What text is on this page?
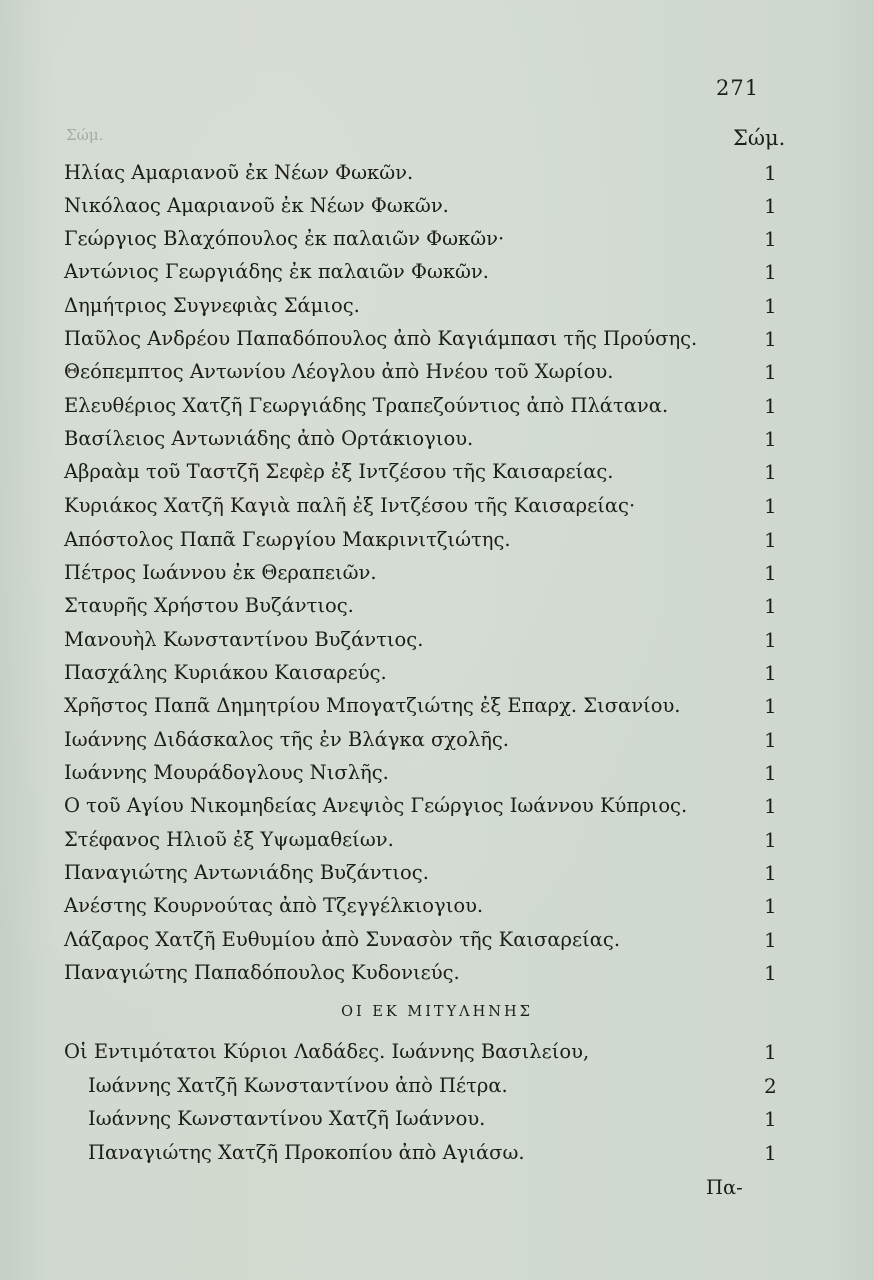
271
Σώμ.
Σώμ.
Ηλίας Αμαριανοῦ ἐκ Νέων Φωκῶν.	1
Νικόλαος Αμαριανοῦ ἐκ Νέων Φωκῶν.	1
Γεώργιος Βλαχόπουλος ἐκ παλαιῶν Φωκῶν·	1
Αντώνιος Γεωργιάδης ἐκ παλαιῶν Φωκῶν.	1
Δημήτριος Συγνεφιὰς Σάμιος.	1
Παῦλος Ανδρέου Παπαδόπουλος ἀπὸ Καγιάμπασι τῆς Προύσης.	1
Θεόπεμπτος Αντωνίου Λέογλου ἀπὸ Ηνέου τοῦ Χωρίου.	1
Ελευθέριος Χατζῆ Γεωργιάδης Τραπεζούντιος ἀπὸ Πλάτανα.	1
Βασίλειος Αντωνιάδης ἀπὸ Ορτάκιογιου.	1
Αβραὰμ τοῦ Ταστζῆ Σεφὲρ ἐξ Ιντζέσου τῆς Καισαρείας.	1
Κυριάκος Χατζῆ Καγιὰ παλῆ ἐξ Ιντζέσου τῆς Καισαρείας·	1
Απόστολος Παπᾶ Γεωργίου Μακρινιτζιώτης.	1
Πέτρος Ιωάννου ἐκ Θεραπειῶν.	1
Σταυρῆς Χρήστου Βυζάντιος.	1
Μανουὴλ Κωνσταντίνου Βυζάντιος.	1
Πασχάλης Κυριάκου Καισαρεύς.	1
Χρῆστος Παπᾶ Δημητρίου Μπογατζιώτης ἐξ Επαρχ. Σισανίου.	1
Ιωάννης Διδάσκαλος τῆς ἐν Βλάγκα σχολῆς.	1
Ιωάννης Μουράδογλους Νισλῆς.	1
Ο τοῦ Αγίου Νικομηδείας Ανεψιὸς Γεώργιος Ιωάννου Κύπριος.	1
Στέφανος Ηλιοῦ ἐξ Υψωμαθείων.	1
Παναγιώτης Αντωνιάδης Βυζάντιος.	1
Ανέστης Κουρνούτας ἀπὸ Τζεγγέλκιογιου.	1
Λάζαρος Χατζῆ Ευθυμίου ἀπὸ Συνασὸν τῆς Καισαρείας.	1
Παναγιώτης Παπαδόπουλος Κυδονιεύς.	1
ΟΙ ΕΚ ΜΙΤΥΛΗΝΗΣ
Οἱ Εντιμότατοι Κύριοι Λαδάδες. Ιωάννης Βασιλείου,	1
Ιωάννης Χατζῆ Κωνσταντίνου ἀπὸ Πέτρα.	2
Ιωάννης Κωνσταντίνου Χατζῆ Ιωάννου.	1
Παναγιώτης Χατζῆ Προκοπίου ἀπὸ Αγιάσω.	1
Πα-
